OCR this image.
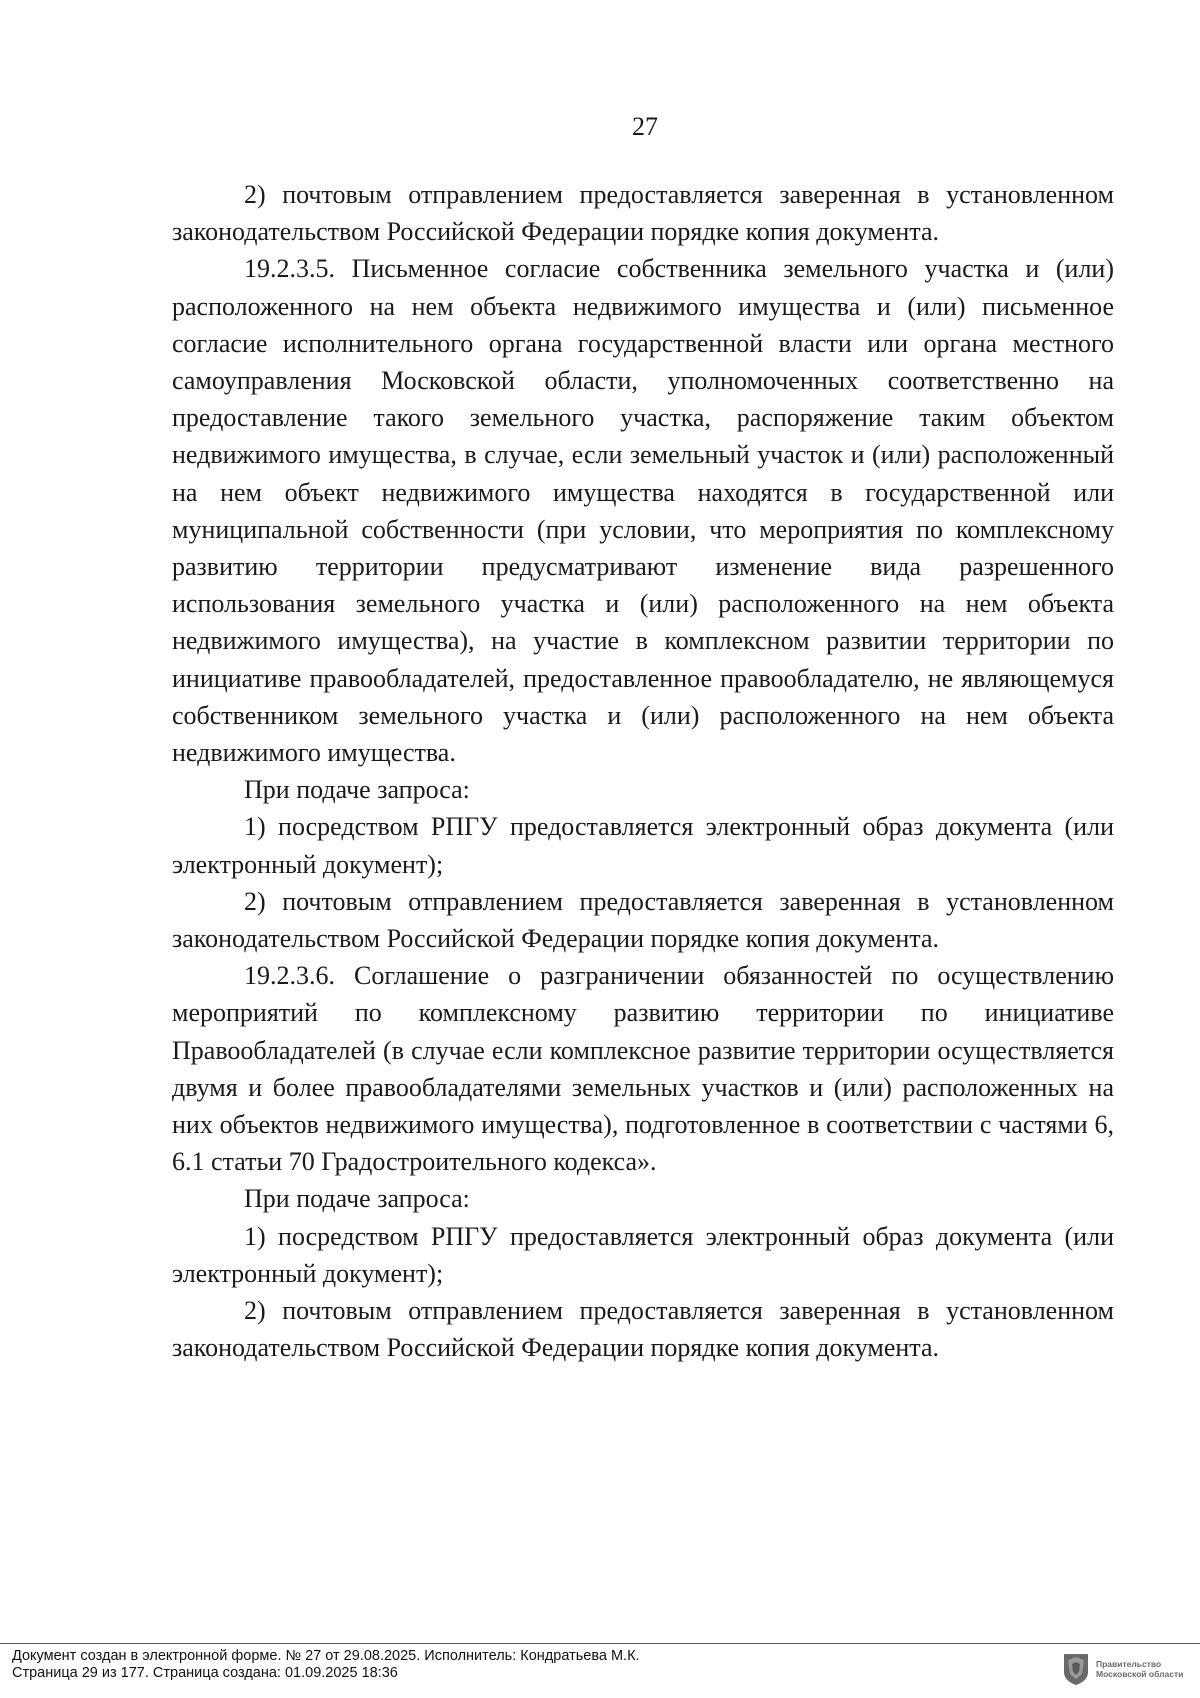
27

2) почтовым отправлением предоставляется заверенная в установленном законодательством Российской Федерации порядке копия документа.

19.2.3.5. Письменное согласие собственника земельного участка и (или) расположенного на нем объекта недвижимого имущества и (или) письменное согласие исполнительного органа государственной власти или органа местного самоуправления Московской области, уполномоченных соответственно на предоставление такого земельного участка, распоряжение таким объектом недвижимого имущества, в случае, если земельный участок и (или) расположенный на нем объект недвижимого имущества находятся в государственной или муниципальной собственности (при условии, что мероприятия по комплексному развитию территории предусматривают изменение вида разрешенного использования земельного участка и (или) расположенного на нем объекта недвижимого имущества), на участие в комплексном развитии территории по инициативе правообладателей, предоставленное правообладателю, не являющемуся собственником земельного участка и (или) расположенного на нем объекта недвижимого имущества.

При подаче запроса:

1) посредством РПГУ предоставляется электронный образ документа (или электронный документ);

2) почтовым отправлением предоставляется заверенная в установленном законодательством Российской Федерации порядке копия документа.

19.2.3.6. Соглашение о разграничении обязанностей по осуществлению мероприятий по комплексному развитию территории по инициативе Правообладателей (в случае если комплексное развитие территории осуществляется двумя и более правообладателями земельных участков и (или) расположенных на них объектов недвижимого имущества), подготовленное в соответствии с частями 6, 6.1 статьи 70 Градостроительного кодекса».

При подаче запроса:

1) посредством РПГУ предоставляется электронный образ документа (или электронный документ);

2) почтовым отправлением предоставляется заверенная в установленном законодательством Российской Федерации порядке копия документа.

Документ создан в электронной форме. № 27 от 29.08.2025. Исполнитель: Кондратьева М.К.
Страница 29 из 177. Страница создана: 01.09.2025 18:36
Правительство
Московской области
